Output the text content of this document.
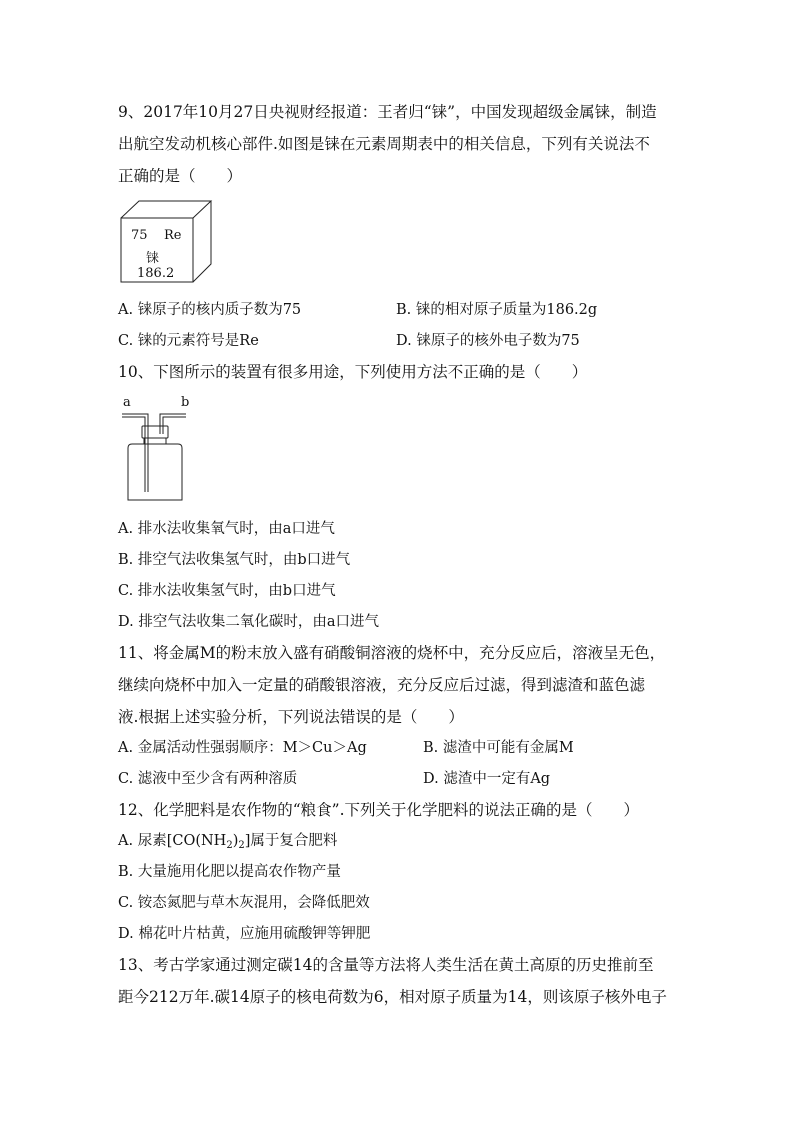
9、2017年10月27日央视财经报道：王者归“铼”，中国发现超级金属铼，制造
出航空发动机核心部件.如图是铼在元素周期表中的相关信息，下列有关说法不
正确的是（　　）
75 Re
铼
186.2
A. 铼原子的核内质子数为75	B. 铼的相对原子质量为186.2g
C. 铼的元素符号是Re	D. 铼原子的核外电子数为75
10、下图所示的装置有很多用途，下列使用方法不正确的是（　　）
a	b
A. 排水法收集氧气时，由a口进气
B. 排空气法收集氢气时，由b口进气
C. 排水法收集氢气时，由b口进气
D. 排空气法收集二氧化碳时，由a口进气
11、将金属M的粉末放入盛有硝酸铜溶液的烧杯中，充分反应后，溶液呈无色，
继续向烧杯中加入一定量的硝酸银溶液，充分反应后过滤，得到滤渣和蓝色滤
液.根据上述实验分析，下列说法错误的是（　　）
A. 金属活动性强弱顺序：M＞Cu＞Ag	B. 滤渣中可能有金属M
C. 滤液中至少含有两种溶质	D. 滤渣中一定有Ag
12、化学肥料是农作物的“粮食”.下列关于化学肥料的说法正确的是（　　）
A. 尿素$[CO(NH_2)_2]$属于复合肥料
B. 大量施用化肥以提高农作物产量
C. 铵态氮肥与草木灰混用，会降低肥效
D. 棉花叶片枯黄，应施用硫酸钾等钾肥
13、考古学家通过测定碳14的含量等方法将人类生活在黄土高原的历史推前至
距今212万年.碳14原子的核电荷数为6，相对原子质量为14，则该原子核外电子
